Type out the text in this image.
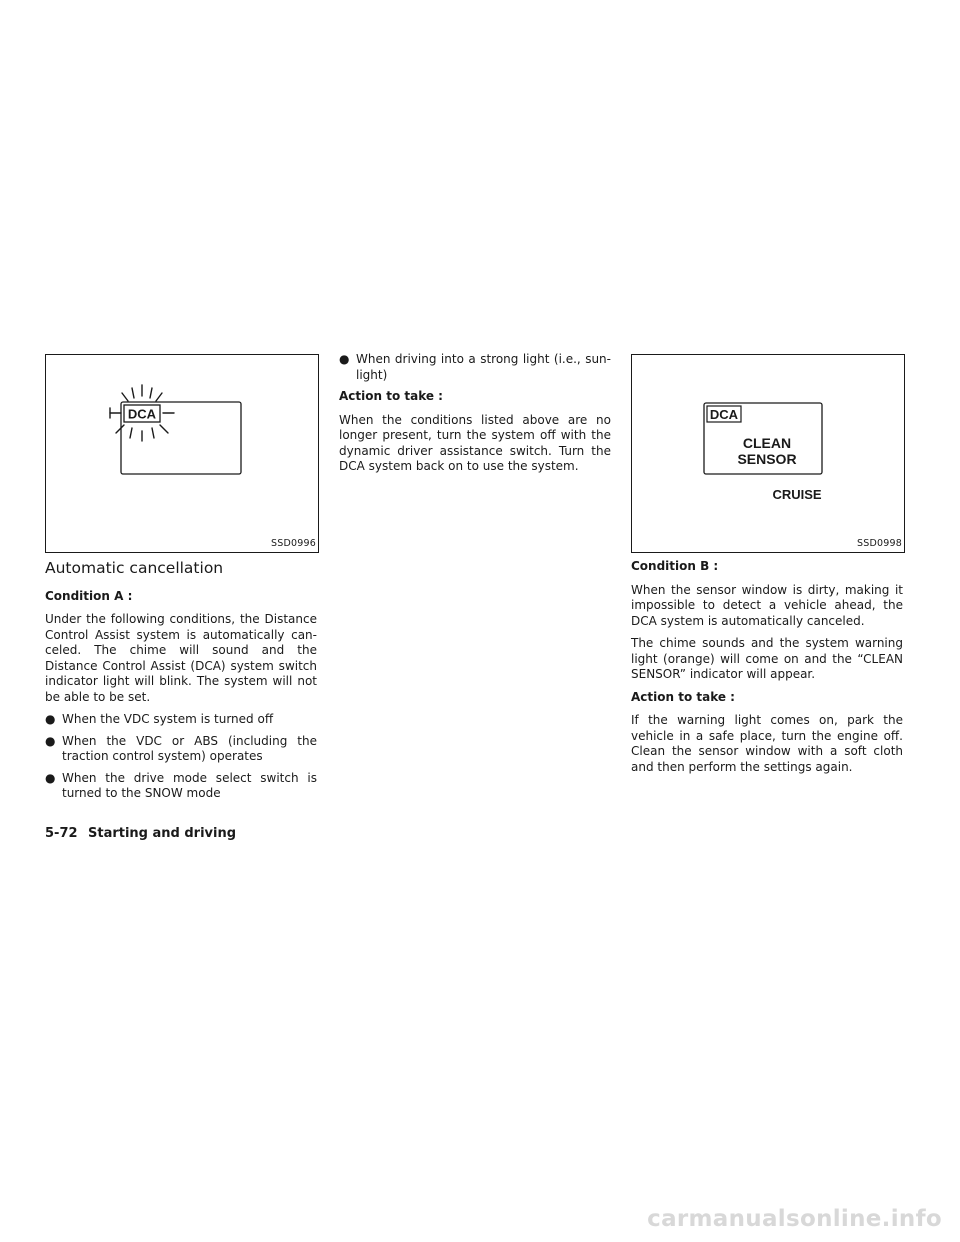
DCA
SSD0996
Automatic cancellation

Condition A :

Under the following conditions, the Distance Control Assist system is automatically can- celed. The chime will sound and the Distance Control Assist (DCA) system switch indicator light will blink. The system will not be able to be set.

● When the VDC system is turned off
● When the VDC or ABS (including the traction control system) operates
● When the drive mode select switch is turned to the SNOW mode
● When driving into a strong light (i.e., sun- light)

Action to take :

When the conditions listed above are no longer present, turn the system off with the dynamic driver assistance switch. Turn the DCA system back on to use the system.

DCA
CLEAN
SENSOR
CRUISE
SSD0998

Condition B :

When the sensor window is dirty, making it impossible to detect a vehicle ahead, the DCA system is automatically canceled.

The chime sounds and the system warning light (orange) will come on and the “CLEAN SENSOR” indicator will appear.

Action to take :

If the warning light comes on, park the vehicle in a safe place, turn the engine off. Clean the sensor window with a soft cloth and then perform the settings again.

5-72 Starting and driving
carmanualsonline.info
